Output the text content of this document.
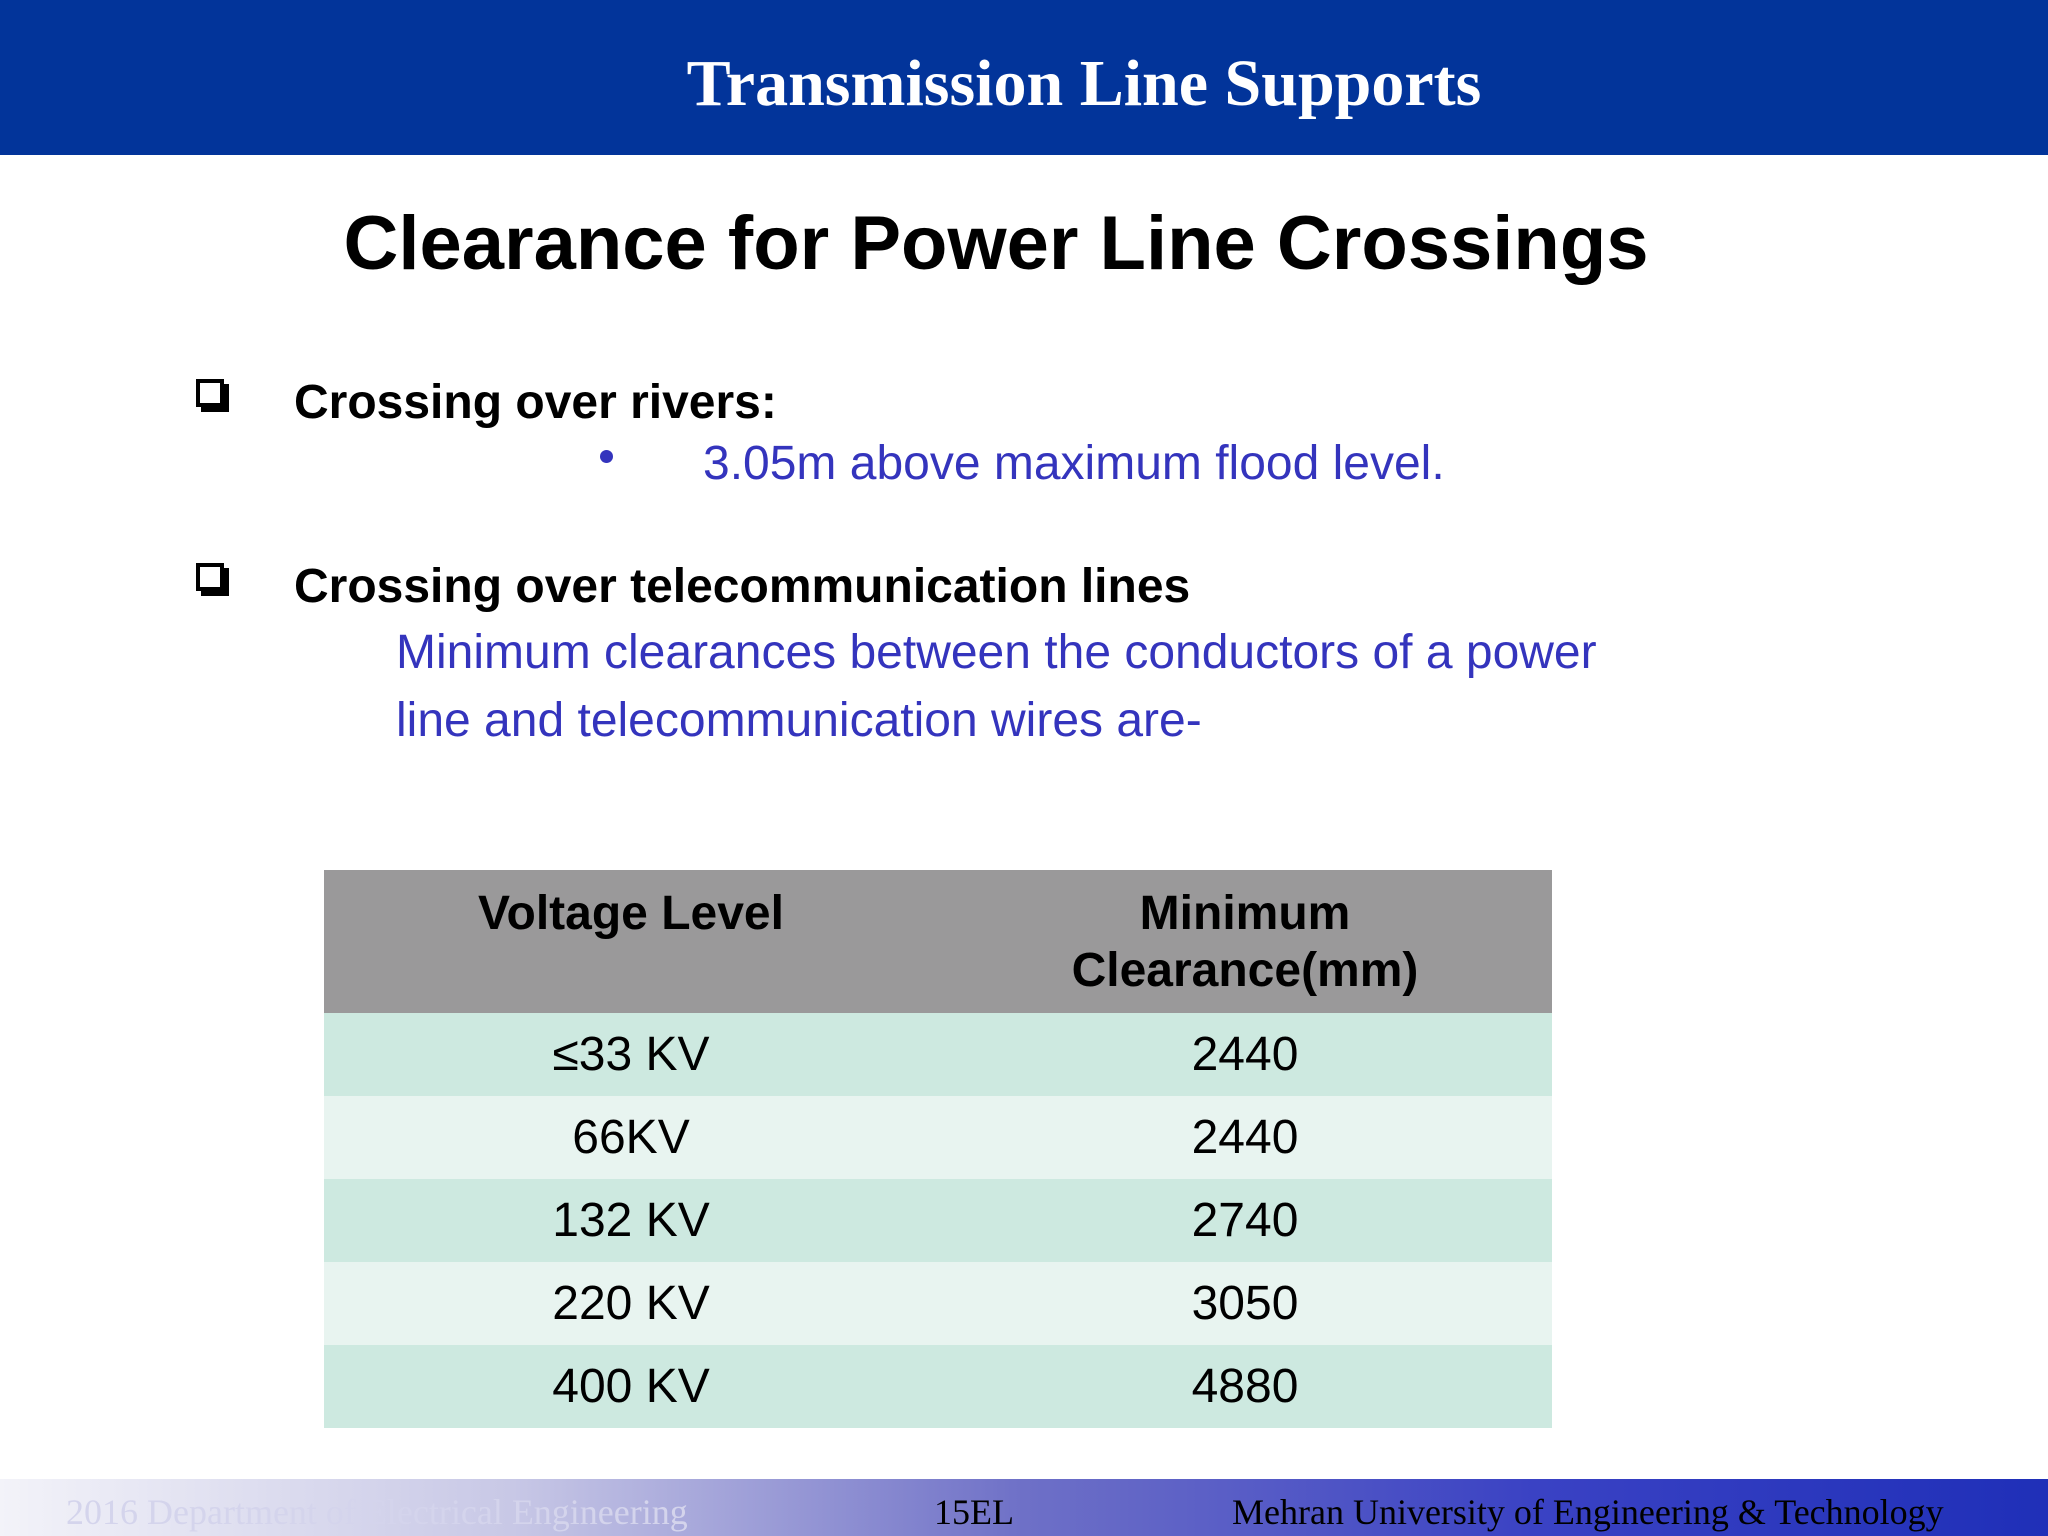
Transmission Line Supports
Clearance for Power Line Crossings
Crossing over rivers:
3.05m above maximum flood level.
Crossing over telecommunication lines
Minimum clearances between the conductors of a power
line and telecommunication wires are-
Voltage Level	Minimum
Clearance(mm)
≤33 KV	2440
66KV	2440
132 KV	2740
220 KV	3050
400 KV	4880
2016 Department of Electrical Engineering	15EL	Mehran University of Engineering & Technology
